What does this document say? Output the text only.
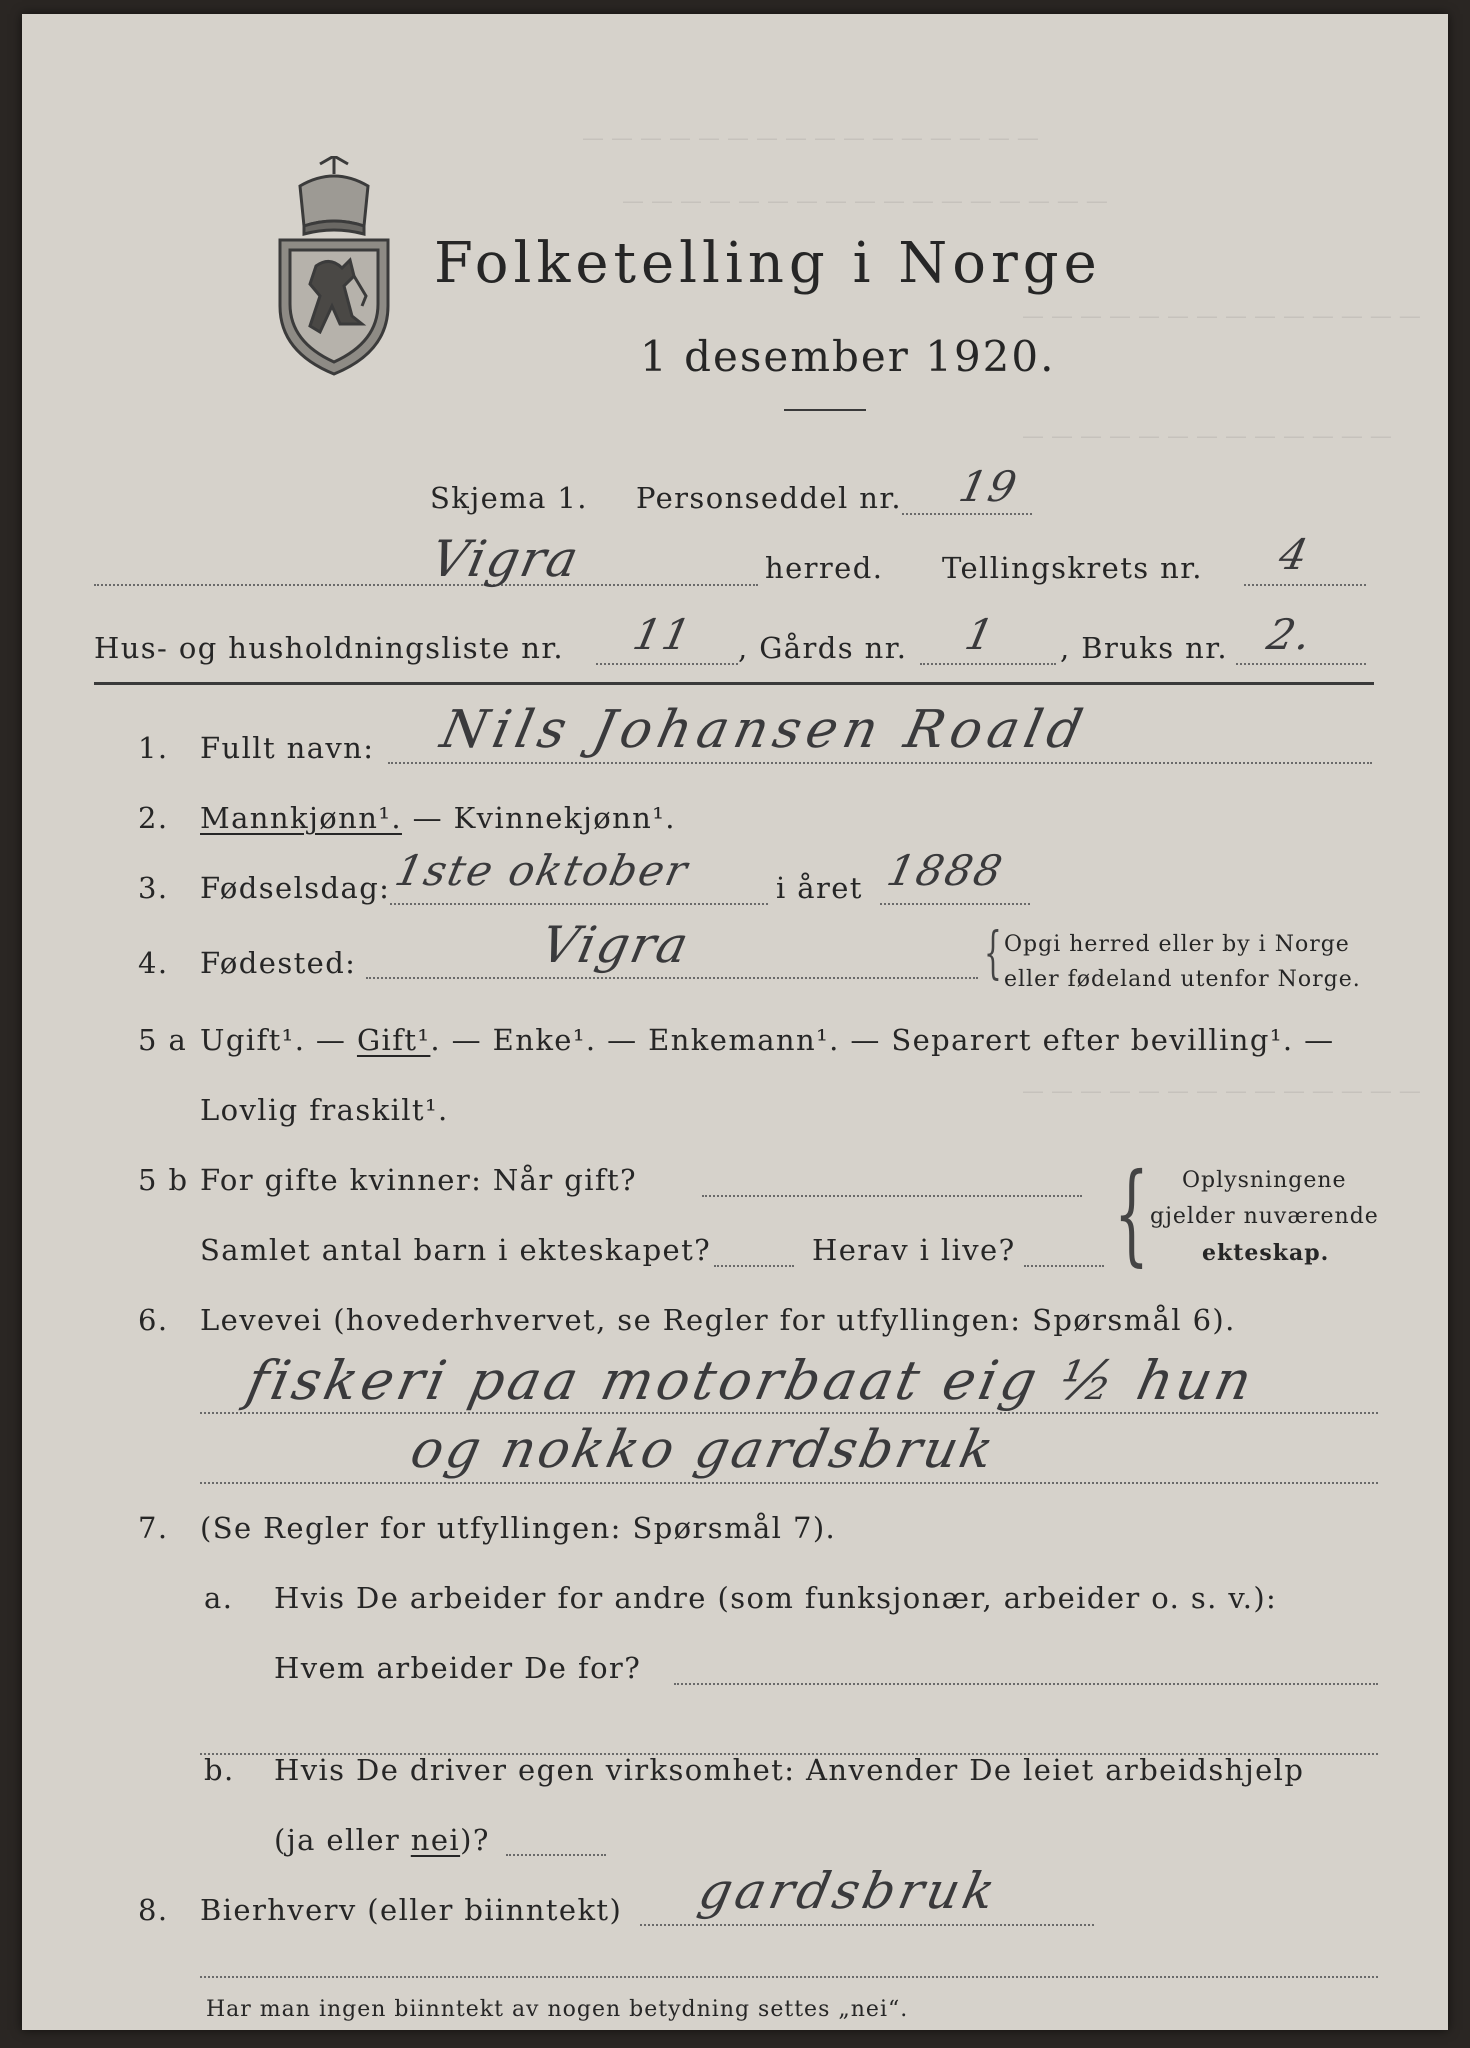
— — — — — — — — — — — — — — — —
— — — — — — — — — — — — — — — — —
— — — — — — — — — — — — — —
— — — — — — — — — — — — —
— — — — — — — — — — — — — —
Folketelling i Norge
1 desember 1920.
Skjema 1. Personseddel nr. 19
Vigra	herred. Tellingskrets nr. 4
Hus- og husholdningsliste nr. 11 , Gårds nr. 1 , Bruks nr. 2.
1. Fullt navn: Nils Johansen Roald
2. Mannkjønn¹. — Kvinnekjønn¹.
3. Fødselsdag: 1ste oktober	i året 1888
4. Fødested:	Vigra	{ Opgi herred eller by i Norge
eller fødeland utenfor Norge.
5 a Ugift¹. — Gift¹. — Enke¹. — Enkemann¹. — Separert efter bevilling¹. —
Lovlig fraskilt¹.
5 b For gifte kvinner: Når gift?
Samlet antal barn i ekteskapet?	Herav i live? { Oplysningene
gjelder nuværende
ekteskap.
6. Levevei (hovederhvervet, se Regler for utfyllingen: Spørsmål 6).
fiskeri paa motorbaat eig ½ hun
og nokko gardsbruk
7. (Se Regler for utfyllingen: Spørsmål 7).
a. Hvis De arbeider for andre (som funksjonær, arbeider o. s. v.):
Hvem arbeider De for?
b. Hvis De driver egen virksomhet: Anvender De leiet arbeidshjelp
(ja eller nei)?
8. Bierhverv (eller biinntekt) gardsbruk
Har man ingen biinntekt av nogen betydning settes „nei“.
